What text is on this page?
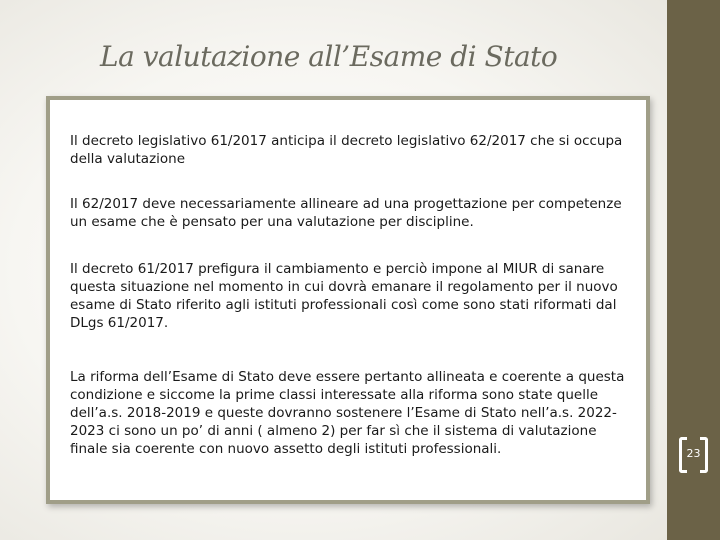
La valutazione all’Esame di Stato

Il decreto legislativo 61/2017 anticipa il decreto legislativo 62/2017 che si occupa della valutazione

Il 62/2017 deve necessariamente allineare ad una progettazione per competenze un esame che è pensato per una valutazione per discipline.

Il decreto 61/2017 prefigura il cambiamento e perciò impone al MIUR di sanare questa situazione nel momento in cui dovrà emanare il regolamento per il nuovo esame di Stato riferito agli istituti professionali così come sono stati riformati dal DLgs 61/2017.

La riforma dell’Esame di Stato deve essere pertanto allineata e coerente a questa condizione e siccome la prime classi interessate alla riforma sono state quelle dell’a.s. 2018-2019 e queste dovranno sostenere l’Esame di Stato nell’a.s. 2022-2023 ci sono un po’ di anni ( almeno 2) per far sì che il sistema di valutazione finale sia coerente con nuovo assetto degli istituti professionali.	23
